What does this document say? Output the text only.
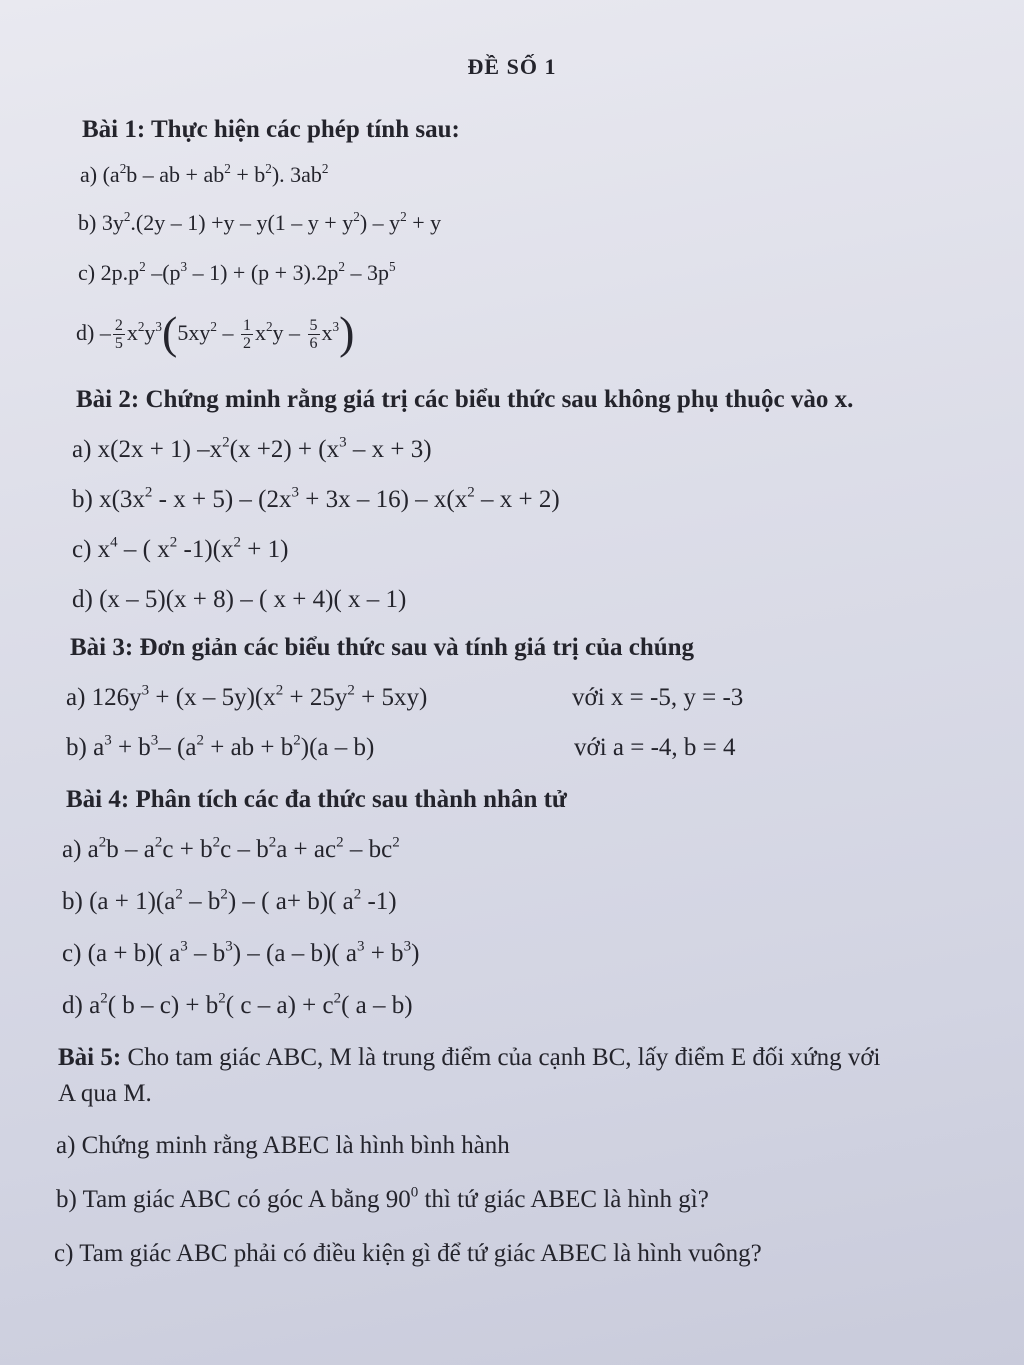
ĐỀ SỐ 1
Bài 1: Thực hiện các phép tính sau:
a) ($a^2b$ – ab + $ab^2 + b^2$). $3ab^2$
b) $3y^2.(2y - 1) +y - y(1 - y + y^2) - y^2 + y$
c) $2p.p^2$ $-(p^3 - 1) + (p + 3).2p^2 - 3p^5$
$d) - \frac{2}{5} x^2y^3(5xy^2 - \frac{1}{2} x^2y - \frac{5}{6} x^3)$
Bài 2: Chứng minh rằng giá trị các biểu thức sau không phụ thuộc vào x.
a) x(2x + 1) $-x^2(x +2) + (x^3 - x + 3)$
b) $x(3x^2 - x + 5) - (2x^3 + 3x - 16) - x(x^2 - x + 2)$
c) $x^4$ – ( $x^2$ $-1)(x^2 + 1)$
d) (x – 5)(x + 8) – ( x + 4)( x – 1)
Bài 3: Đơn giản các biểu thức sau và tính giá trị của chúng
a) $126y^3 + (x - 5y)(x^2 + 25y^2 + 5xy)$	với x = -5, y = -3
b) $a^3 + b^3-$ ($a^2$ + ab + $b^2)(a - b)$	với a = -4, b = 4
Bài 4: Phân tích các đa thức sau thành nhân tử
a) $a^2b - a^2c + b^2c - b^2a + ac^2 - bc^2$
b) $(a + 1)(a^2 - b^2)$ – ( a+ b)( $a^2$ -1)
c) (a + b)( $a^3 - b^3) - (a - b)$( $a^3 + b^3$)
d) $a^2$( $b - c) + b^2$( $c - a) + c^2$( a – b)
Bài 5: Cho tam giác ABC, M là trung điểm của cạnh BC, lấy điểm E đối xứng với
A qua M.
a) Chứng minh rằng ABEC là hình bình hành
b) Tam giác ABC có góc A bằng $90^0$ thì tứ giác ABEC là hình gì?
c) Tam giác ABC phải có điều kiện gì để tứ giác ABEC là hình vuông?
